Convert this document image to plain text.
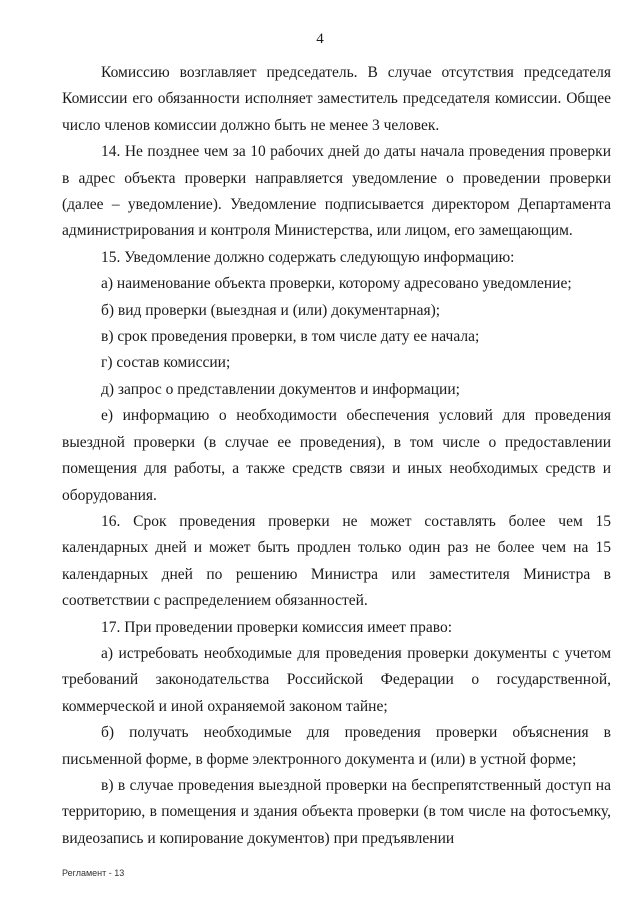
4

Комиссию возглавляет председатель. В случае отсутствия председателя Комиссии его обязанности исполняет заместитель председателя комиссии. Общее число членов комиссии должно быть не менее 3 человек.

14. Не позднее чем за 10 рабочих дней до даты начала проведения проверки в адрес объекта проверки направляется уведомление о проведении проверки (далее – уведомление). Уведомление подписывается директором Департамента администрирования и контроля Министерства, или лицом, его замещающим.

15. Уведомление должно содержать следующую информацию:

а) наименование объекта проверки, которому адресовано уведомление;

б) вид проверки (выездная и (или) документарная);

в) срок проведения проверки, в том числе дату ее начала;

г) состав комиссии;

д) запрос о представлении документов и информации;

е) информацию о необходимости обеспечения условий для проведения выездной проверки (в случае ее проведения), в том числе о предоставлении помещения для работы, а также средств связи и иных необходимых средств и оборудования.

16. Срок проведения проверки не может составлять более чем 15 календарных дней и может быть продлен только один раз не более чем на 15 календарных дней по решению Министра или заместителя Министра в соответствии с распределением обязанностей.

17. При проведении проверки комиссия имеет право:

а) истребовать необходимые для проведения проверки документы с учетом требований законодательства Российской Федерации о государственной, коммерческой и иной охраняемой законом тайне;

б) получать необходимые для проведения проверки объяснения в письменной форме, в форме электронного документа и (или) в устной форме;

в) в случае проведения выездной проверки на беспрепятственный доступ на территорию, в помещения и здания объекта проверки (в том числе на фотосъемку, видеозапись и копирование документов) при предъявлении

Регламент - 13
